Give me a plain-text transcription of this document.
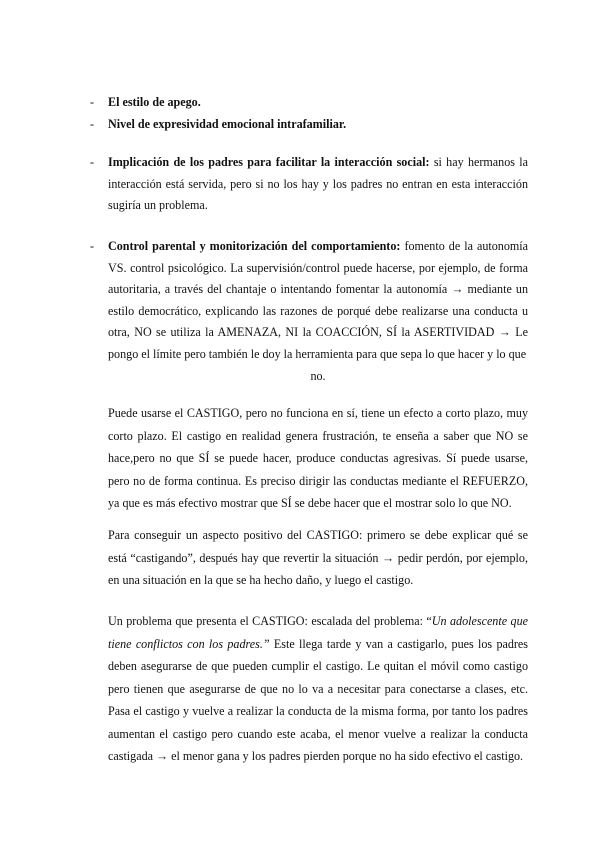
- El estilo de apego.
- Nivel de expresividad emocional intrafamiliar.
- Implicación de los padres para facilitar la interacción social: si hay hermanos la interacción está servida, pero si no los hay y los padres no entran en esta interacción sugiría un problema.
- Control parental y monitorización del comportamiento: fomento de la autonomía VS. control psicológico. La supervisión/control puede hacerse, por ejemplo, de forma autoritaria, a través del chantaje o intentando fomentar la autonomía → mediante un estilo democrático, explicando las razones de porqué debe realizarse una conducta u otra, NO se utiliza la AMENAZA, NI la COACCIÓN, SÍ la ASERTIVIDAD → Le pongo el límite pero también le doy la herramienta para que sepa lo que hacer y lo que
no.

Puede usarse el CASTIGO, pero no funciona en sí, tiene un efecto a corto plazo, muy corto plazo. El castigo en realidad genera frustración, te enseña a saber que NO se hace,pero no que SÍ se puede hacer, produce conductas agresivas. Sí puede usarse, pero no de forma continua. Es preciso dirigir las conductas mediante el REFUERZO, ya que es más efectivo mostrar que SÍ se debe hacer que el mostrar solo lo que NO.

Para conseguir un aspecto positivo del CASTIGO: primero se debe explicar qué se está “castigando”, después hay que revertir la situación → pedir perdón, por ejemplo, en una situación en la que se ha hecho daño, y luego el castigo.

Un problema que presenta el CASTIGO: escalada del problema: “Un adolescente que tiene conflictos con los padres.” Este llega tarde y van a castigarlo, pues los padres deben asegurarse de que pueden cumplir el castigo. Le quitan el móvil como castigo pero tienen que asegurarse de que no lo va a necesitar para conectarse a clases, etc. Pasa el castigo y vuelve a realizar la conducta de la misma forma, por tanto los padres aumentan el castigo pero cuando este acaba, el menor vuelve a realizar la conducta castigada → el menor gana y los padres pierden porque no ha sido efectivo el castigo.
